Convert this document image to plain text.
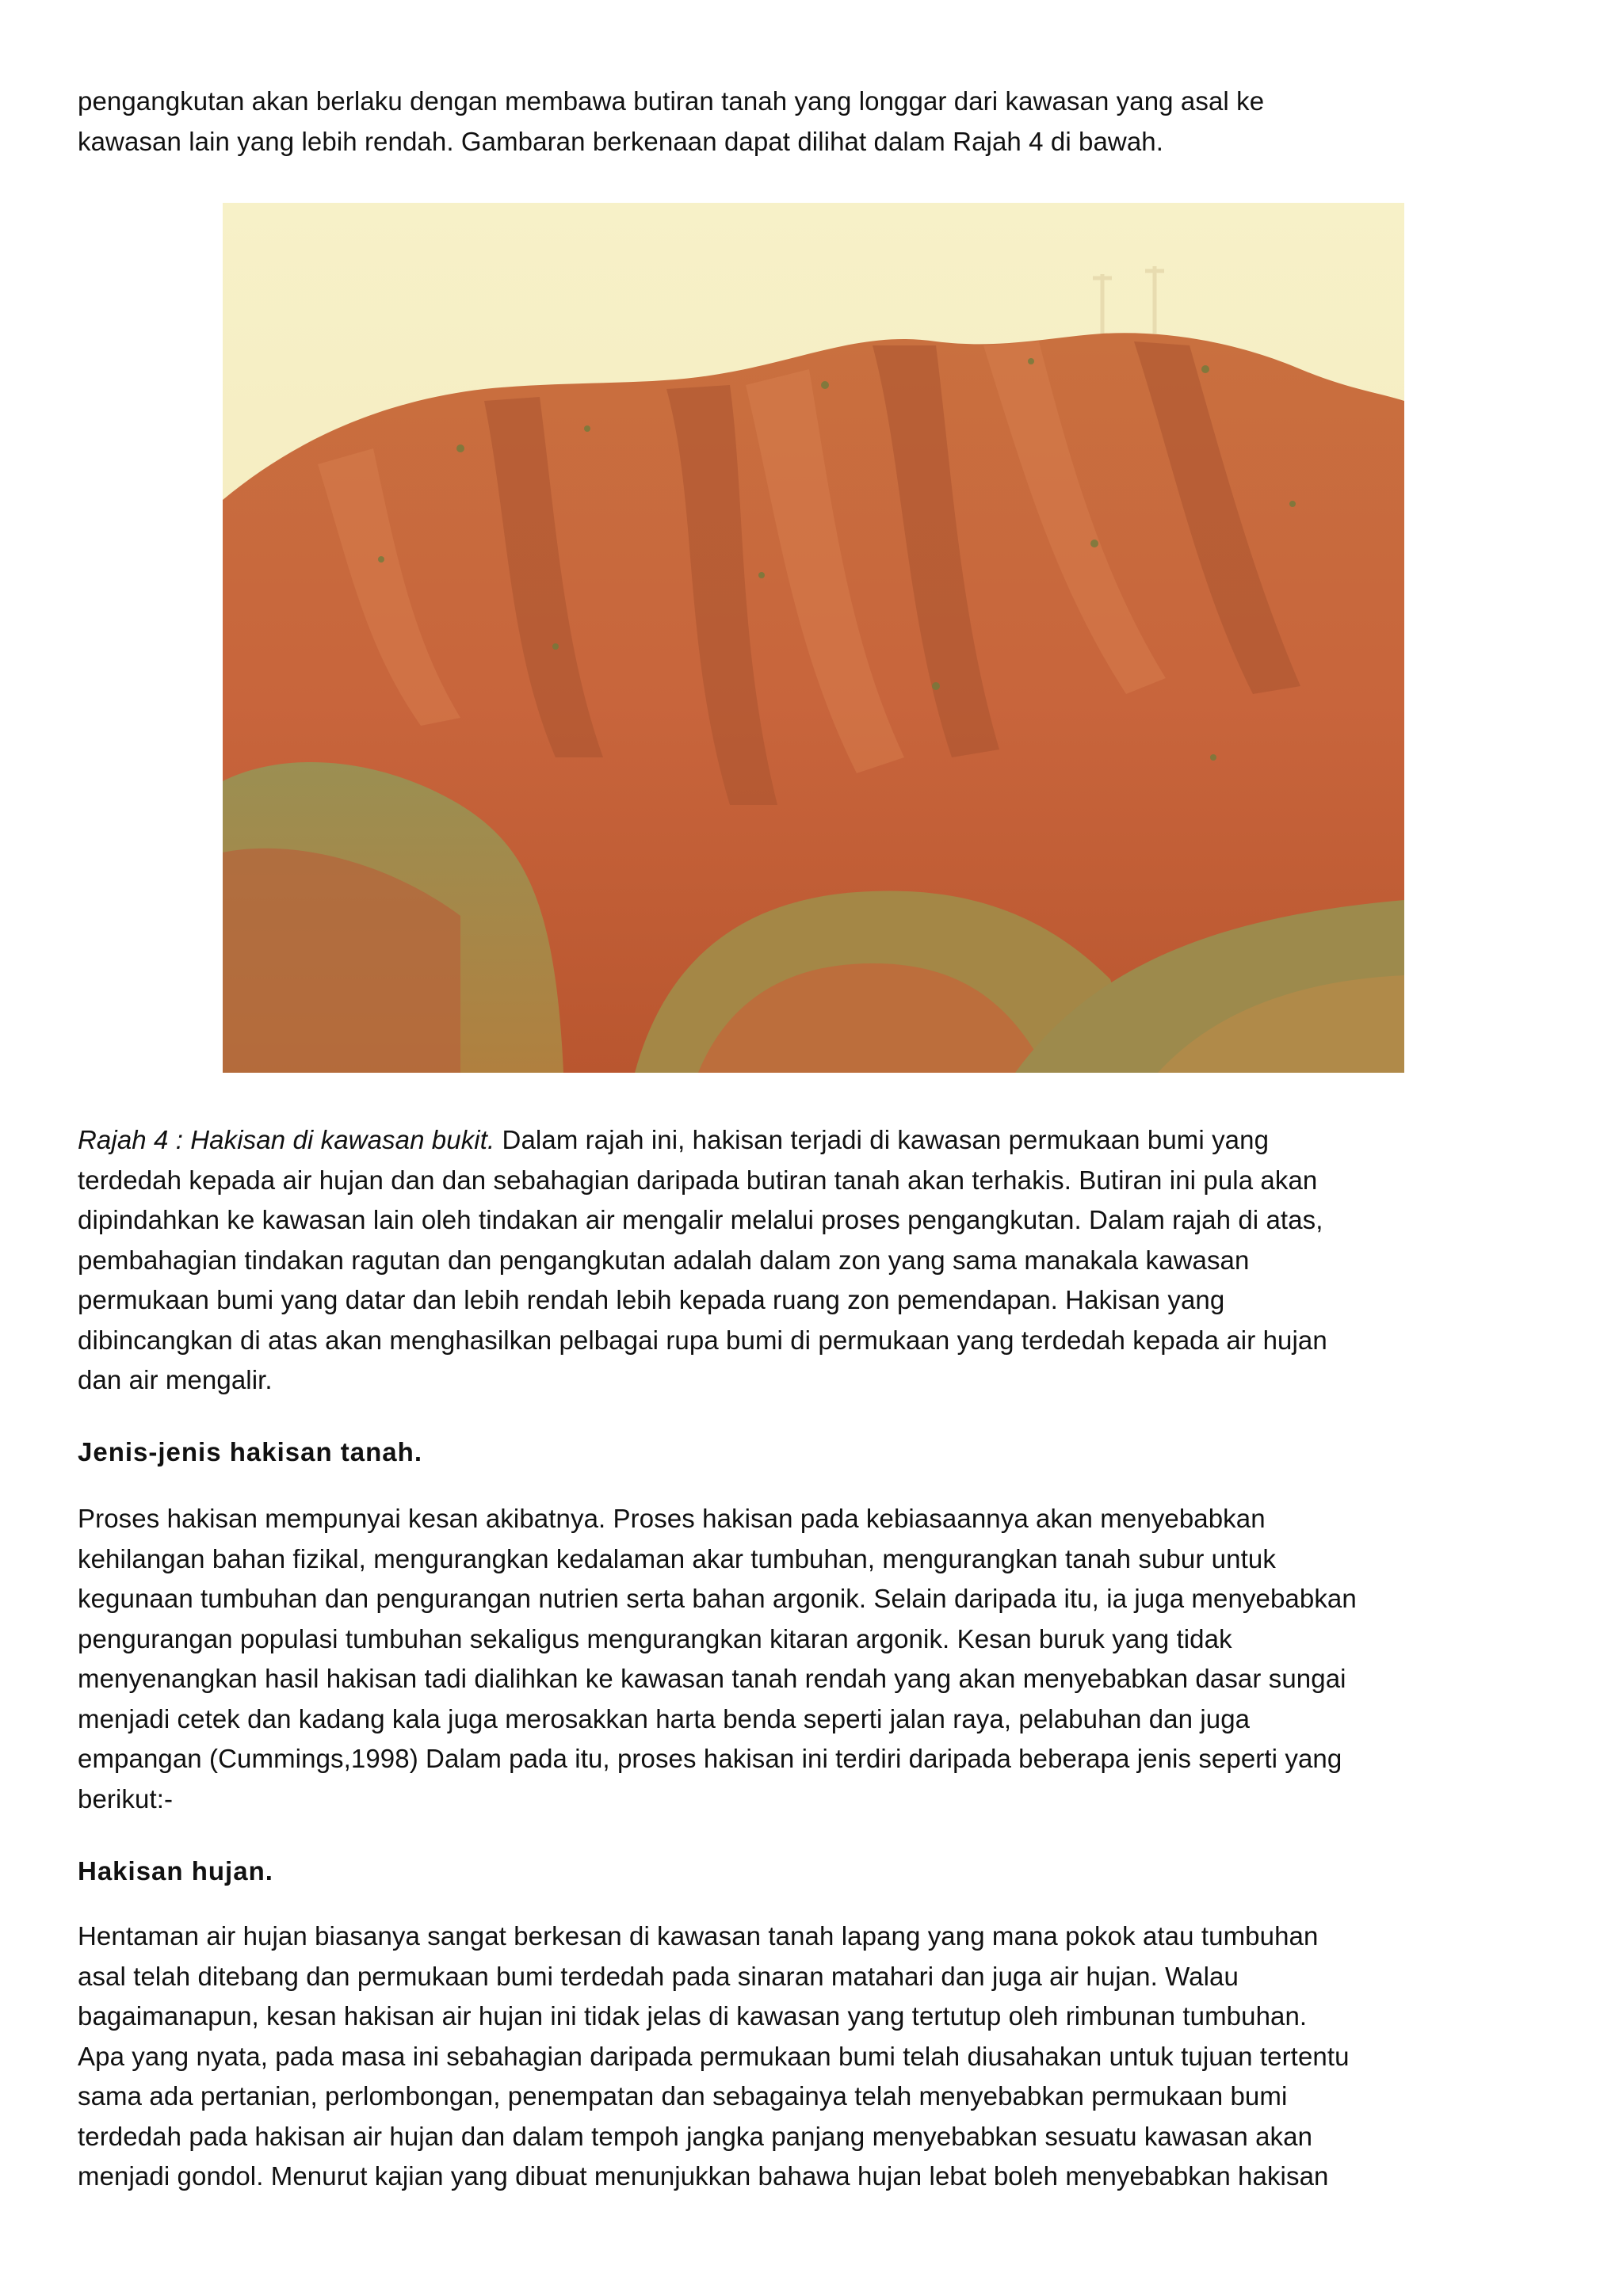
pengangkutan akan berlaku dengan membawa butiran tanah yang longgar dari kawasan yang asal ke
kawasan lain yang lebih rendah. Gambaran berkenaan dapat dilihat dalam Rajah 4 di bawah.

Rajah 4 : Hakisan di kawasan bukit. Dalam rajah ini, hakisan terjadi di kawasan permukaan bumi yang
terdedah kepada air hujan dan dan sebahagian daripada butiran tanah akan terhakis. Butiran ini pula akan
dipindahkan ke kawasan lain oleh tindakan air mengalir melalui proses pengangkutan. Dalam rajah di atas,
pembahagian tindakan ragutan dan pengangkutan adalah dalam zon yang sama manakala kawasan
permukaan bumi yang datar dan lebih rendah lebih kepada ruang zon pemendapan. Hakisan yang
dibincangkan di atas akan menghasilkan pelbagai rupa bumi di permukaan yang terdedah kepada air hujan
dan air mengalir.

Jenis-jenis hakisan tanah.

Proses hakisan mempunyai kesan akibatnya. Proses hakisan pada kebiasaannya akan menyebabkan
kehilangan bahan fizikal, mengurangkan kedalaman akar tumbuhan, mengurangkan tanah subur untuk
kegunaan tumbuhan dan pengurangan nutrien serta bahan argonik. Selain daripada itu, ia juga menyebabkan
pengurangan populasi tumbuhan sekaligus mengurangkan kitaran argonik. Kesan buruk yang tidak
menyenangkan hasil hakisan tadi dialihkan ke kawasan tanah rendah yang akan menyebabkan dasar sungai
menjadi cetek dan kadang kala juga merosakkan harta benda seperti jalan raya, pelabuhan dan juga
empangan (Cummings,1998) Dalam pada itu, proses hakisan ini terdiri daripada beberapa jenis seperti yang
berikut:-

Hakisan hujan.

Hentaman air hujan biasanya sangat berkesan di kawasan tanah lapang yang mana pokok atau tumbuhan
asal telah ditebang dan permukaan bumi terdedah pada sinaran matahari dan juga air hujan. Walau
bagaimanapun, kesan hakisan air hujan ini tidak jelas di kawasan yang tertutup oleh rimbunan tumbuhan.
Apa yang nyata, pada masa ini sebahagian daripada permukaan bumi telah diusahakan untuk tujuan tertentu
sama ada pertanian, perlombongan, penempatan dan sebagainya telah menyebabkan permukaan bumi
terdedah pada hakisan air hujan dan dalam tempoh jangka panjang menyebabkan sesuatu kawasan akan
menjadi gondol. Menurut kajian yang dibuat menunjukkan bahawa hujan lebat boleh menyebabkan hakisan
